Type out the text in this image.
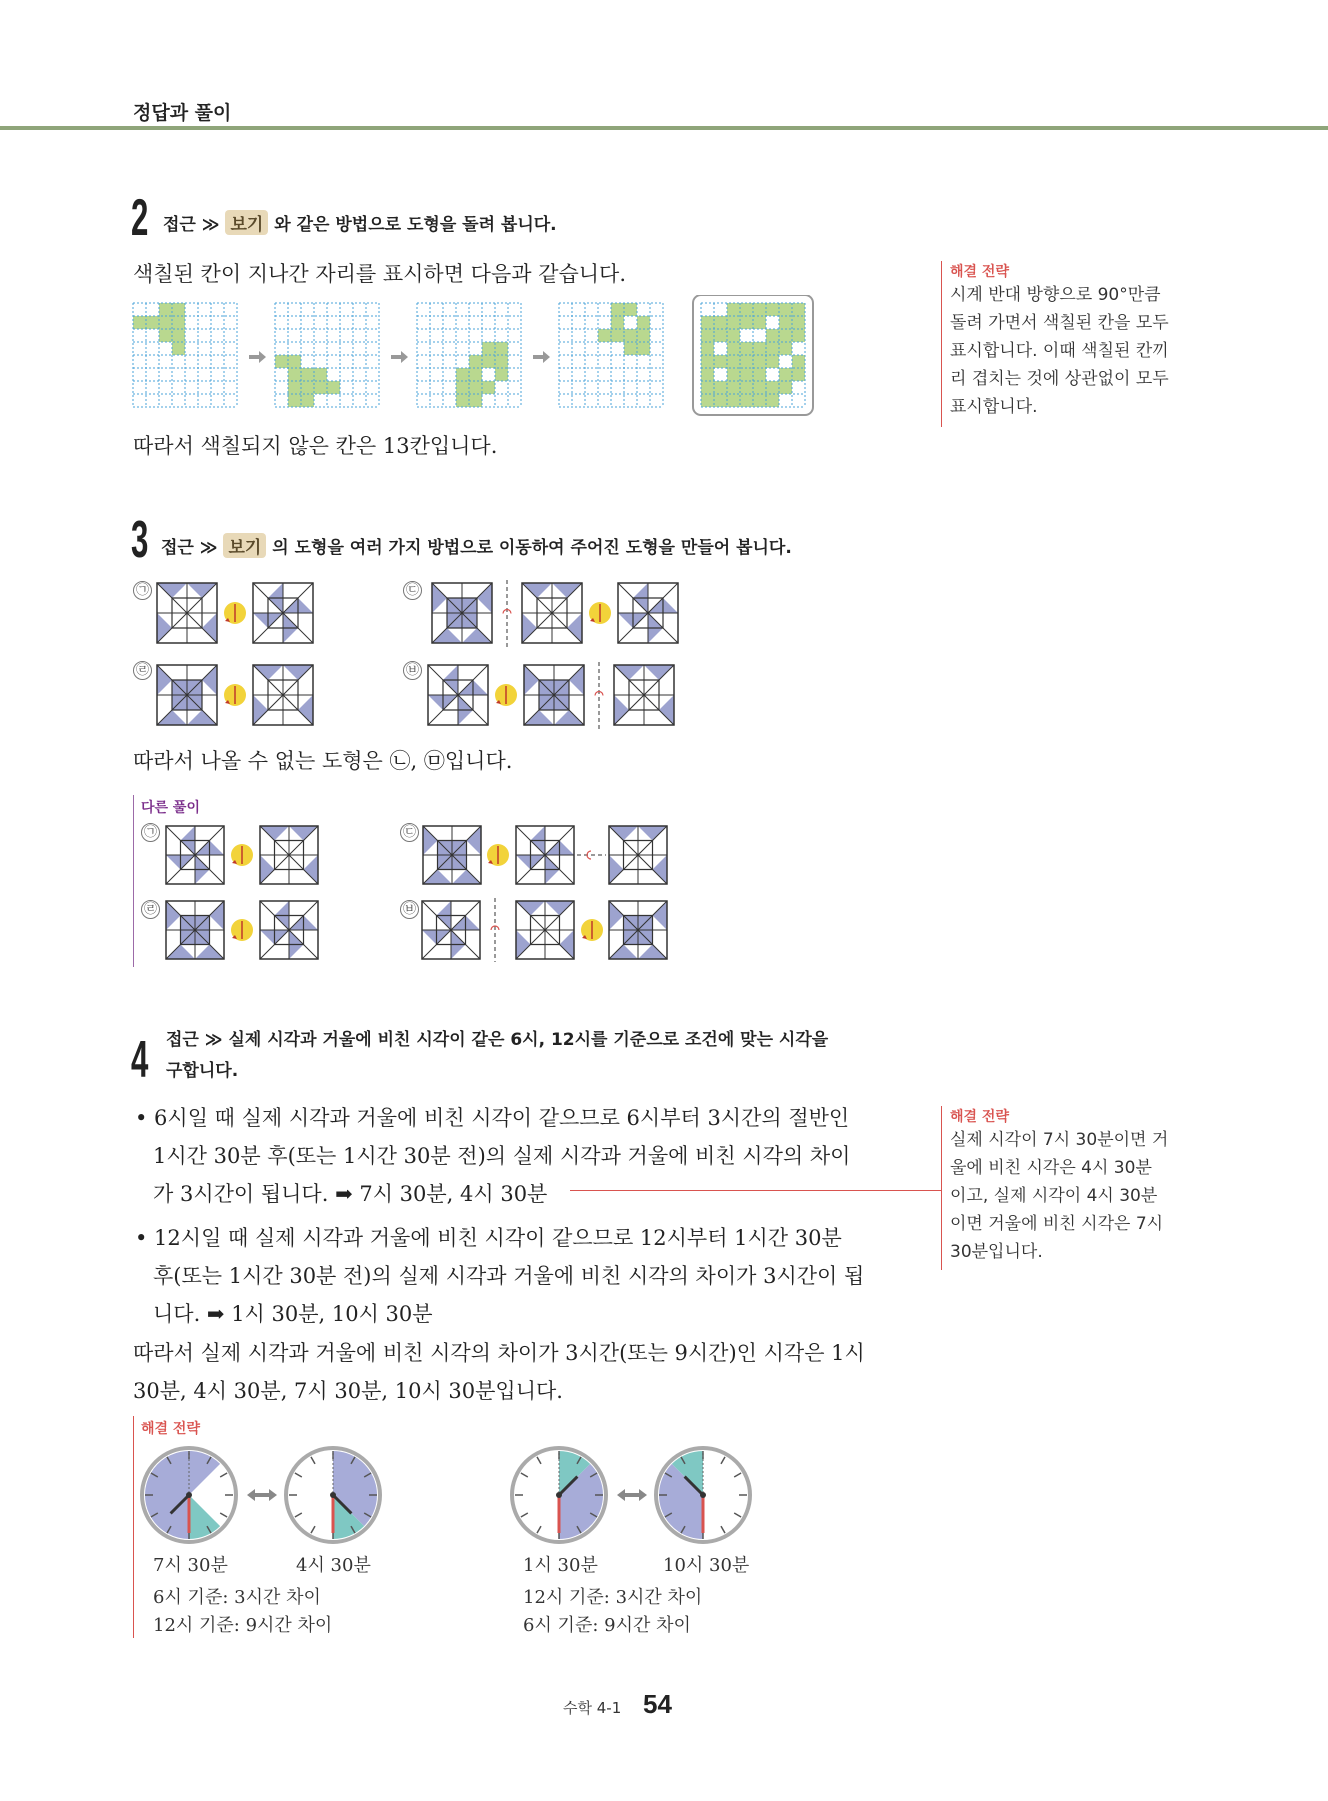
정답과 풀이
2 접근 ≫ 보기 와 같은 방법으로 도형을 돌려 봅니다.
색칠된 칸이 지나간 자리를 표시하면 다음과 같습니다.
따라서 색칠되지 않은 칸은 13칸입니다.
해결 전략
시계 반대 방향으로 90°만큼
돌려 가면서 색칠된 칸을 모두
표시합니다. 이때 색칠된 칸끼
리 겹치는 것에 상관없이 모두
표시합니다.
3 접근 ≫ 보기 의 도형을 여러 가지 방법으로 이동하여 주어진 도형을 만들어 봅니다.
㉠	㉢
㉣	㉥
따라서 나올 수 없는 도형은 ㉡, ㉤입니다.
다른 풀이
㉠	㉢
㉣	㉥
4 접근 ≫ 실제 시각과 거울에 비친 시각이 같은 6시, 12시를 기준으로 조건에 맞는 시각을
구합니다.
• 6시일 때 실제 시각과 거울에 비친 시각이 같으므로 6시부터 3시간의 절반인
1시간 30분 후(또는 1시간 30분 전)의 실제 시각과 거울에 비친 시각의 차이
가 3시간이 됩니다. ➡ 7시 30분, 4시 30분
• 12시일 때 실제 시각과 거울에 비친 시각이 같으므로 12시부터 1시간 30분
후(또는 1시간 30분 전)의 실제 시각과 거울에 비친 시각의 차이가 3시간이 됩
니다. ➡ 1시 30분, 10시 30분
따라서 실제 시각과 거울에 비친 시각의 차이가 3시간(또는 9시간)인 시각은 1시
30분, 4시 30분, 7시 30분, 10시 30분입니다.
해결 전략
실제 시각이 7시 30분이면 거
울에 비친 시각은 4시 30분
이고, 실제 시각이 4시 30분
이면 거울에 비친 시각은 7시
30분입니다.
해결 전략
7시 30분	4시 30분
6시 기준: 3시간 차이
12시 기준: 9시간 차이
1시 30분	10시 30분
12시 기준: 3시간 차이
6시 기준: 9시간 차이
수학 4-1 54
